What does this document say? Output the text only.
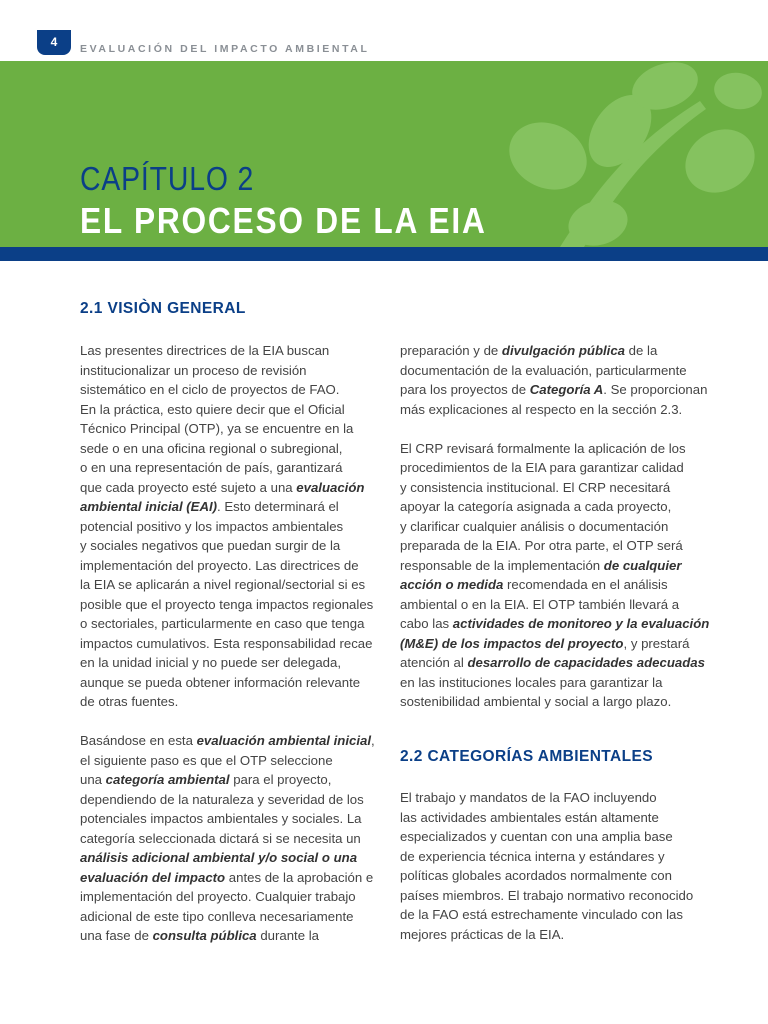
4	EVALUACIÓN DEL IMPACTO AMBIENTAL
CAPÍTULO 2
EL PROCESO DE LA EIA
2.1 VISIÒN GENERAL

Las presentes directrices de la EIA buscan
institucionalizar un proceso de revisión
sistemático en el ciclo de proyectos de FAO.
En la práctica, esto quiere decir que el Oficial
Técnico Principal (OTP), ya se encuentre en la
sede o en una oficina regional o subregional,
o en una representación de país, garantizará
que cada proyecto esté sujeto a una evaluación
ambiental inicial (EAI). Esto determinará el
potencial positivo y los impactos ambientales
y sociales negativos que puedan surgir de la
implementación del proyecto. Las directrices de
la EIA se aplicarán a nivel regional/sectorial si es
posible que el proyecto tenga impactos regionales
o sectoriales, particularmente en caso que tenga
impactos cumulativos. Esta responsabilidad recae
en la unidad inicial y no puede ser delegada,
aunque se pueda obtener información relevante
de otras fuentes.

Basándose en esta evaluación ambiental inicial,
el siguiente paso es que el OTP seleccione
una categoría ambiental para el proyecto,
dependiendo de la naturaleza y severidad de los
potenciales impactos ambientales y sociales. La
categoría seleccionada dictará si se necesita un
análisis adicional ambiental y/o social o una
evaluación del impacto antes de la aprobación e
implementación del proyecto. Cualquier trabajo
adicional de este tipo conlleva necesariamente
una fase de consulta pública durante la

preparación y de divulgación pública de la
documentación de la evaluación, particularmente
para los proyectos de Categoría A. Se proporcionan
más explicaciones al respecto en la sección 2.3.

El CRP revisará formalmente la aplicación de los
procedimientos de la EIA para garantizar calidad
y consistencia institucional. El CRP necesitará
apoyar la categoría asignada a cada proyecto,
y clarificar cualquier análisis o documentación
preparada de la EIA. Por otra parte, el OTP será
responsable de la implementación de cualquier
acción o medida recomendada en el análisis
ambiental o en la EIA. El OTP también llevará a
cabo las actividades de monitoreo y la evaluación
(M&E) de los impactos del proyecto, y prestará
atención al desarrollo de capacidades adecuadas
en las instituciones locales para garantizar la
sostenibilidad ambiental y social a largo plazo.

2.2 CATEGORÍAS AMBIENTALES

El trabajo y mandatos de la FAO incluyendo
las actividades ambientales están altamente
especializados y cuentan con una amplia base
de experiencia técnica interna y estándares y
políticas globales acordados normalmente con
países miembros. El trabajo normativo reconocido
de la FAO está estrechamente vinculado con las
mejores prácticas de la EIA.
